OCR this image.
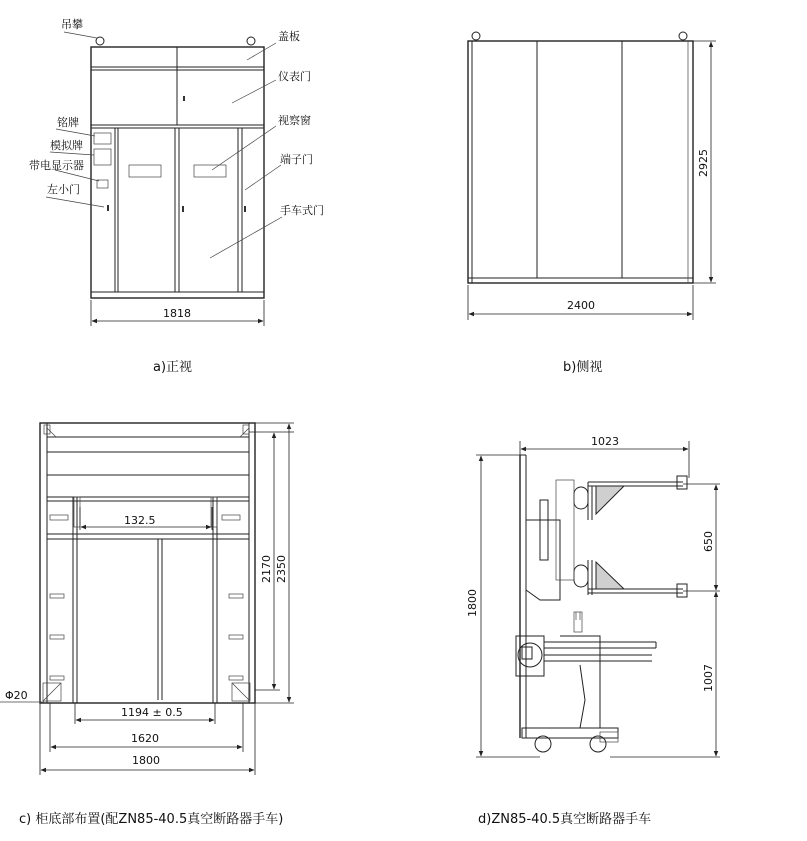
吊攀
盖板
仪表门
铭牌	视察窗
模拟牌
带电显示器	端子门
左小门
手车式门
1818
a)正视
2925
2400
b)侧视
132.5
2170 2350
Φ20
1194 ± 0.5
1620
1800
c) 柜底部布置(配ZN85-40.5真空断路器手车)
1023
1800
650
1007
d)ZN85-40.5真空断路器手车
